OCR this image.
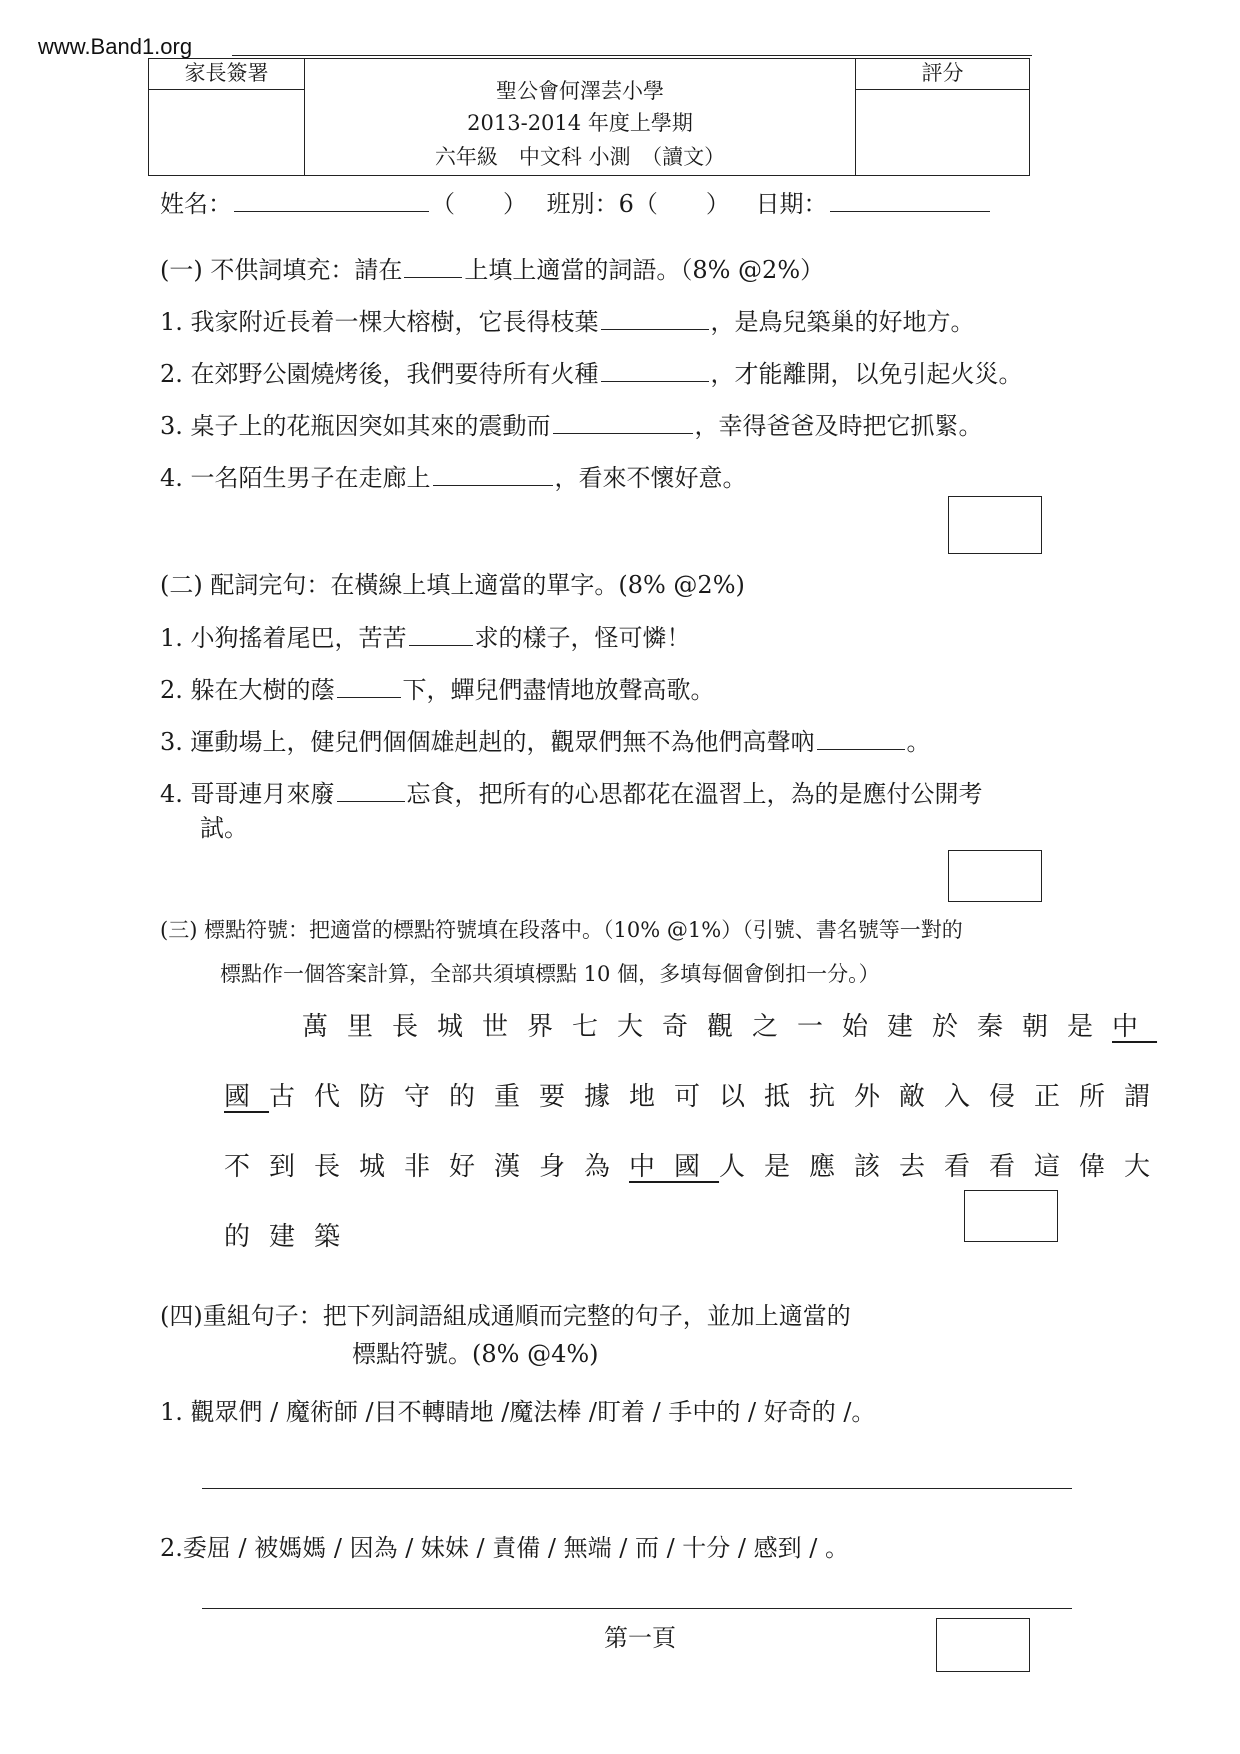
www.Band1.org
家長簽署
聖公會何澤芸小學
2013-2014 年度上學期
六年級　中文科 小測　（讀文）
評分
姓名：	（　　） 班別：6（　　） 日期：
(一) 不供詞填充：請在	上填上適當的詞語。（8% @2%）
1. 我家附近長着一棵大榕樹，它長得枝葉	，是鳥兒築巢的好地方。
2. 在郊野公園燒烤後，我們要待所有火種	，才能離開，以免引起火災。
3. 桌子上的花瓶因突如其來的震動而	，幸得爸爸及時把它抓緊。
4. 一名陌生男子在走廊上	，看來不懷好意。
(二) 配詞完句：在橫線上填上適當的單字。(8% @2%)
1. 小狗搖着尾巴，苦苦	求的樣子，怪可憐！
2. 躲在大樹的蔭	下，蟬兒們盡情地放聲高歌。
3. 運動場上，健兒們個個雄赳赳的，觀眾們無不為他們高聲吶	。
4. 哥哥連月來廢	忘食，把所有的心思都花在溫習上，為的是應付公開考
試。
(三) 標點符號：把適當的標點符號填在段落中。（10% @1%）（引號、書名號等一對的
標點作一個答案計算，全部共須填標點 10 個，多填每個會倒扣一分。）
萬里長城世界七大奇觀之一始建於秦朝是中
國古代防守的重要據地可以抵抗外敵入侵正所謂
不到長城非好漢身為中國人是應該去看看這偉大
的建築
(四)重組句子：把下列詞語組成通順而完整的句子，並加上適當的
標點符號。(8% @4%)
1. 觀眾們 / 魔術師 /目不轉睛地 /魔法棒 /盯着 / 手中的 / 好奇的 /。
2.委屈 / 被媽媽 / 因為 / 妹妹 / 責備 / 無端 / 而 / 十分 / 感到 / 。
第一頁
